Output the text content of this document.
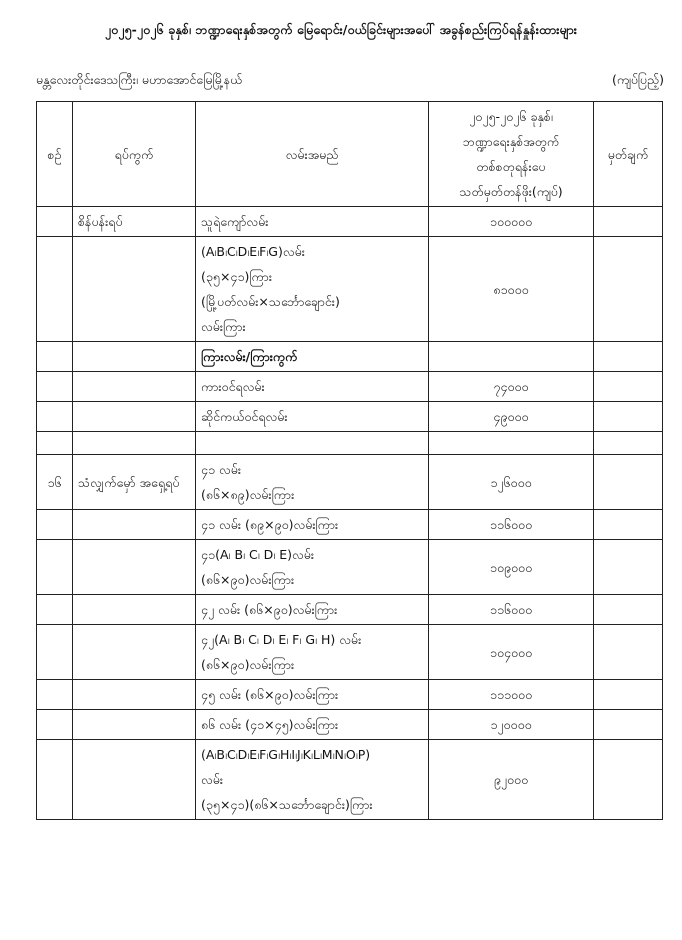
၂၀၂၅-၂၀၂၆ ခုနှစ်၊ ဘဏ္ဍာရေးနှစ်အတွက် မြေရောင်း/ဝယ်ခြင်းများအပေါ် အခွန်စည်းကြပ်ရန်နှုန်းထားများ
မန္တလေးတိုင်းဒေသကြီး၊ မဟာအောင်မြေမြို့နယ်	(ကျပ်ပြည့်)
စဉ်	ရပ်ကွက်	လမ်းအမည်	၂၀၂၅-၂၀၂၆ ခုနှစ်၊
ဘဏ္ဍာရေးနှစ်အတွက်
တစ်စတုရန်းပေ
သတ်မှတ်တန်ဖိုး(ကျပ်)	မှတ်ချက်
	စိန်ပန်းရပ်	သူရဲကျော်လမ်း	၁၀၀၀၀၀	

		(A၊B၊C၊D၊E၊F၊G)လမ်း
(၃၅×၄၁)ကြား
(မြို့ပတ်လမ်း×သင်္ဘောချောင်း)
လမ်းကြား	၈၁၀၀၀	

		ကြားလမ်း/ကြားကွက်		

		ကားဝင်ရလမ်း	၇၄၀၀၀	

		ဆိုင်ကယ်ဝင်ရလမ်း	၄၉၀၀၀	

၁၆	သံလျှက်မှော် အရှေ့ရပ်	၄၁ လမ်း
(၈၆×၈၉)လမ်းကြား	၁၂၆၀၀၀	

		၄၁ လမ်း (၈၉×၉၀)လမ်းကြား	၁၁၆၀၀၀	

		၄၁(A၊ B၊ C၊ D၊ E)လမ်း
(၈၆×၉၀)လမ်းကြား	၁၀၉၀၀၀	

		၄၂ လမ်း (၈၆×၉၀)လမ်းကြား	၁၁၆၀၀၀	

		၄၂(A၊ B၊ C၊ D၊ E၊ F၊ G၊ H) လမ်း
(၈၆×၉၀)လမ်းကြား	၁၀၄၀၀၀	

		၄၅ လမ်း (၈၆×၉၀)လမ်းကြား	၁၁၁၀၀၀	

		၈၆ လမ်း (၄၁×၄၅)လမ်းကြား	၁၂၀၀၀၀	

		(A၊B၊C၊D၊E၊F၊G၊H၊I၊J၊K၊L၊M၊N၊O၊P)
လမ်း
(၃၅×၄၁)(၈၆×သင်္ဘောချောင်း)ကြား	၉၂၀၀၀	
